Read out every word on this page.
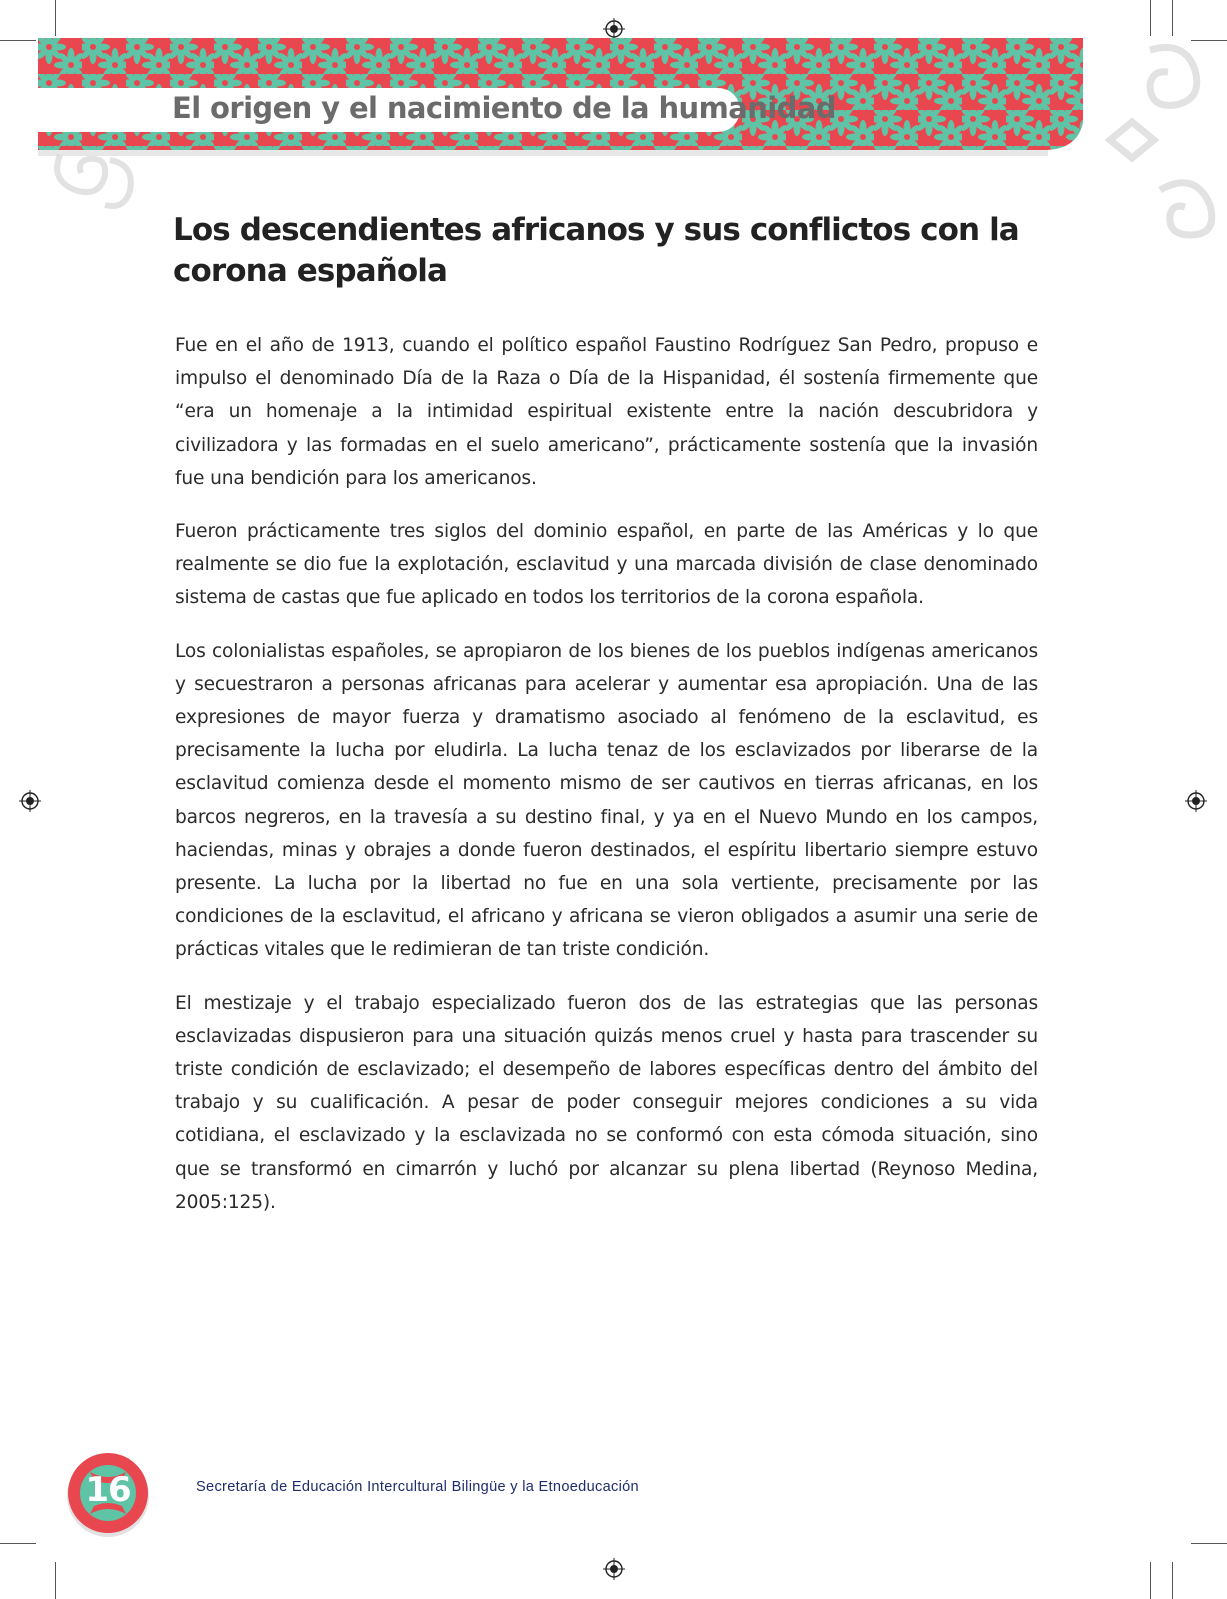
El origen y el nacimiento de la humanidad
Los descendientes africanos y sus conflictos con la corona española

Fue en el año de 1913, cuando el político español Faustino Rodríguez San Pedro, propuso e impulso el denominado Día de la Raza o Día de la Hispanidad, él sostenía firmemente que “era un homenaje a la intimidad espiritual existente entre la nación descubridora y civilizadora y las formadas en el suelo americano”, prácticamente sostenía que la invasión fue una bendición para los americanos.

Fueron prácticamente tres siglos del dominio español, en parte de las Américas y lo que realmente se dio fue la explotación, esclavitud y una marcada división de clase denominado sistema de castas que fue aplicado en todos los territorios de la corona española.

Los colonialistas españoles, se apropiaron de los bienes de los pueblos indígenas americanos y secuestraron a personas africanas para acelerar y aumentar esa apropiación. Una de las expresiones de mayor fuerza y dramatismo asociado al fenómeno de la esclavitud, es precisamente la lucha por eludirla. La lucha tenaz de los esclavizados por liberarse de la esclavitud comienza desde el momento mismo de ser cautivos en tierras africanas, en los barcos negreros, en la travesía a su destino final, y ya en el Nuevo Mundo en los campos, haciendas, minas y obrajes a donde fueron destinados, el espíritu libertario siempre estuvo presente. La lucha por la libertad no fue en una sola vertiente, precisamente por las condiciones de la esclavitud, el africano y africana se vieron obligados a asumir una serie de prácticas vitales que le redimieran de tan triste condición.

El mestizaje y el trabajo especializado fueron dos de las estrategias que las personas esclavizadas dispusieron para una situación quizás menos cruel y hasta para trascender su triste condición de esclavizado; el desempeño de labores específicas dentro del ámbito del trabajo y su cualificación. A pesar de poder conseguir mejores condiciones a su vida cotidiana, el esclavizado y la esclavizada no se conformó con esta cómoda situación, sino que se transformó en cimarrón y luchó por alcanzar su plena libertad (Reynoso Medina, 2005:125).

16	Secretaría de Educación Intercultural Bilingüe y la Etnoeducación
